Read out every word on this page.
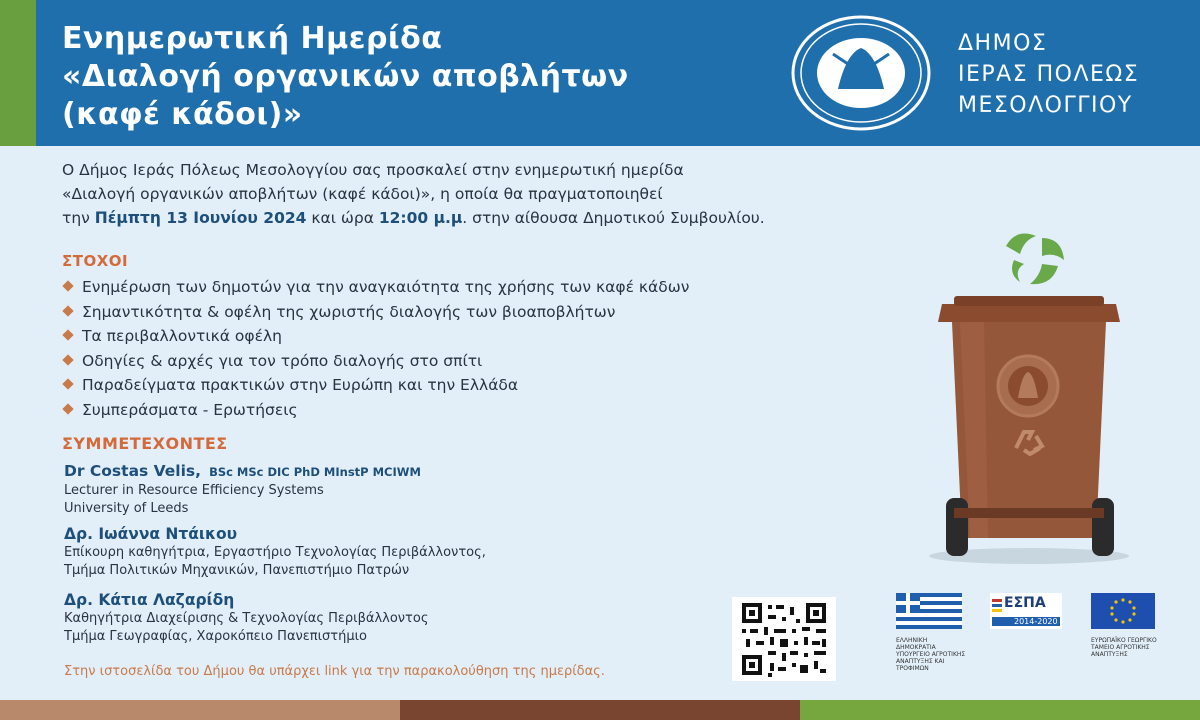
Ενημερωτική Ημερίδα
«Διαλογή οργανικών αποβλήτων
(καφέ κάδοι)»
ΔΗΜΟΣ
ΙΕΡΑΣ ΠΟΛΕΩΣ
ΜΕΣΟΛΟΓΓΙΟΥ
Ο Δήμος Ιεράς Πόλεως Μεσολογγίου σας προσκαλεί στην ενημερωτική ημερίδα
«Διαλογή οργανικών αποβλήτων (καφέ κάδοι)», η οποία θα πραγματοποιηθεί
την Πέμπτη 13 Ιουνίου 2024 και ώρα 12:00 μ.μ. στην αίθουσα Δημοτικού Συμβουλίου.
ΣΤΟΧΟΙ
Ενημέρωση των δημοτών για την αναγκαιότητα της χρήσης των καφέ κάδων
Σημαντικότητα & οφέλη της χωριστής διαλογής των βιοαποβλήτων
Τα περιβαλλοντικά οφέλη
Οδηγίες & αρχές για τον τρόπο διαλογής στο σπίτι
Παραδείγματα πρακτικών στην Ευρώπη και την Ελλάδα
Συμπεράσματα - Ερωτήσεις
ΣΥΜΜΕΤΕΧΟΝΤΕΣ
Dr Costas Velis, BSc MSc DIC PhD MInstP MCIWM
Lecturer in Resource Efficiency Systems
University of Leeds
Δρ. Ιωάννα Ντάικου
Επίκουρη καθηγήτρια, Εργαστήριο Τεχνολογίας Περιβάλλοντος,
Τμήμα Πολιτικών Μηχανικών, Πανεπιστήμιο Πατρών
Δρ. Κάτια Λαζαρίδη
Καθηγήτρια Διαχείρισης & Τεχνολογίας Περιβάλλοντος
Τμήμα Γεωγραφίας, Χαροκόπειο Πανεπιστήμιο
Στην ιστοσελίδα του Δήμου θα υπάρχει link για την παρακολούθηση της ημερίδας.
ΕΛΛΗΝΙΚΗ ΔΗΜΟΚΡΑΤΙΑ ΥΠΟΥΡΓΕΙΟ ΑΓΡΟΤΙΚΗΣ ΑΝΑΠΤΥΞΗΣ ΚΑΙ ΤΡΟΦΙΜΩΝ
ΕΣΠΑ
2014-2020
ΕΥΡΩΠΑΪΚΟ ΓΕΩΡΓΙΚΟ ΤΑΜΕΙΟ ΑΓΡΟΤΙΚΗΣ ΑΝΑΠΤΥΞΗΣ
